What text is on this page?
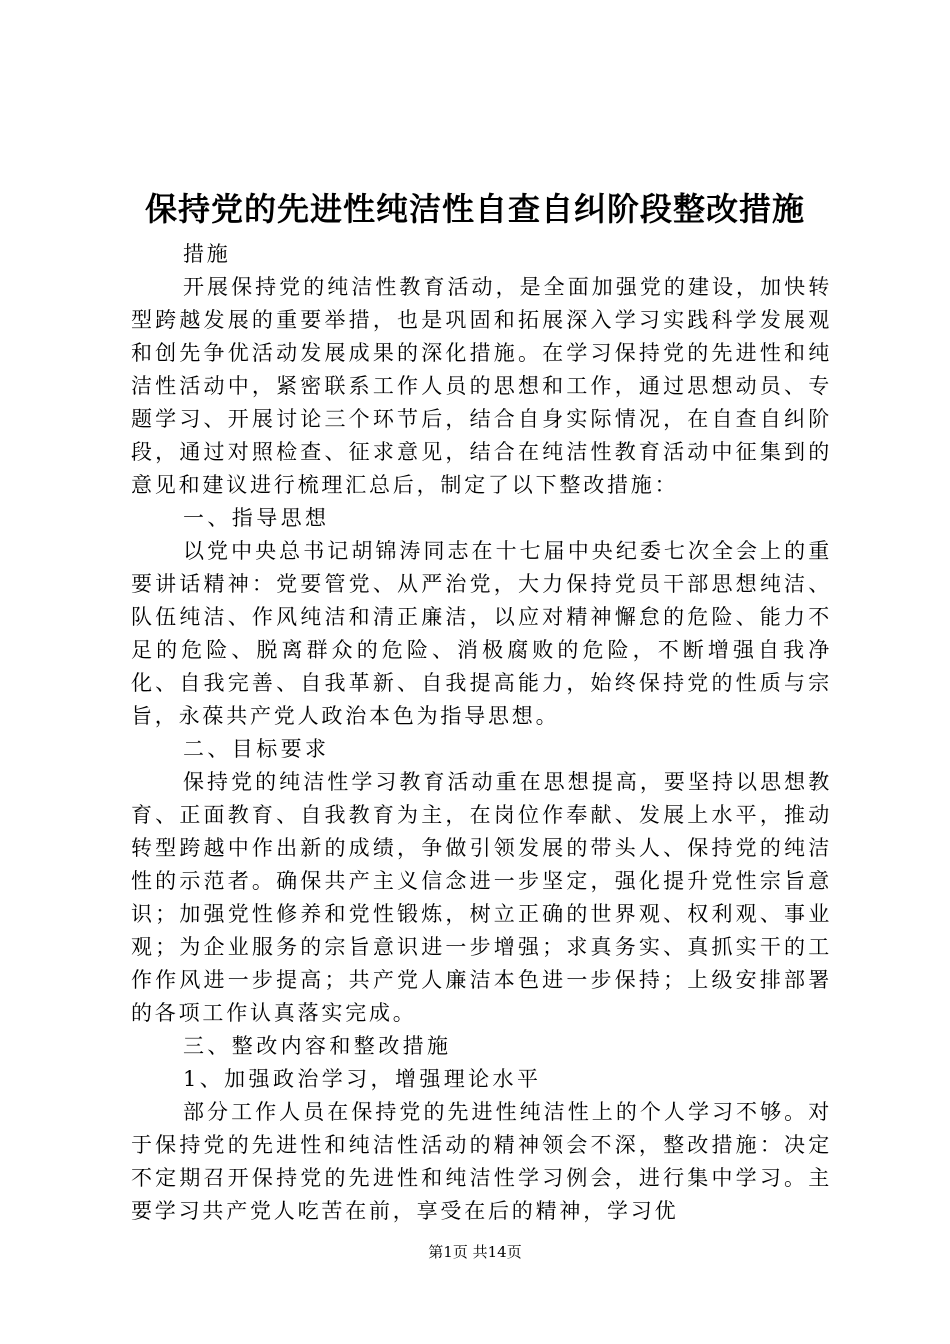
保持党的先进性纯洁性自查自纠阶段整改措施

措施

开展保持党的纯洁性教育活动，是全面加强党的建设，加快转型跨越发展的重要举措，也是巩固和拓展深入学习实践科学发展观和创先争优活动发展成果的深化措施。在学习保持党的先进性和纯洁性活动中，紧密联系工作人员的思想和工作，通过思想动员、专题学习、开展讨论三个环节后，结合自身实际情况，在自查自纠阶段，通过对照检查、征求意见，结合在纯洁性教育活动中征集到的意见和建议进行梳理汇总后，制定了以下整改措施：

一、指导思想

以党中央总书记胡锦涛同志在十七届中央纪委七次全会上的重要讲话精神：党要管党、从严治党，大力保持党员干部思想纯洁、队伍纯洁、作风纯洁和清正廉洁，以应对精神懈怠的危险、能力不足的危险、脱离群众的危险、消极腐败的危险，不断增强自我净化、自我完善、自我革新、自我提高能力，始终保持党的性质与宗旨，永葆共产党人政治本色为指导思想。

二、目标要求

保持党的纯洁性学习教育活动重在思想提高，要坚持以思想教育、正面教育、自我教育为主，在岗位作奉献、发展上水平，推动转型跨越中作出新的成绩，争做引领发展的带头人、保持党的纯洁性的示范者。确保共产主义信念进一步坚定，强化提升党性宗旨意识；加强党性修养和党性锻炼，树立正确的世界观、权利观、事业观；为企业服务的宗旨意识进一步增强；求真务实、真抓实干的工作作风进一步提高；共产党人廉洁本色进一步保持；上级安排部署的各项工作认真落实完成。

三、整改内容和整改措施

1、加强政治学习，增强理论水平

部分工作人员在保持党的先进性纯洁性上的个人学习不够。对于保持党的先进性和纯洁性活动的精神领会不深，整改措施：决定不定期召开保持党的先进性和纯洁性学习例会，进行集中学习。主要学习共产党人吃苦在前，享受在后的精神，学习优

第1页 共14页
